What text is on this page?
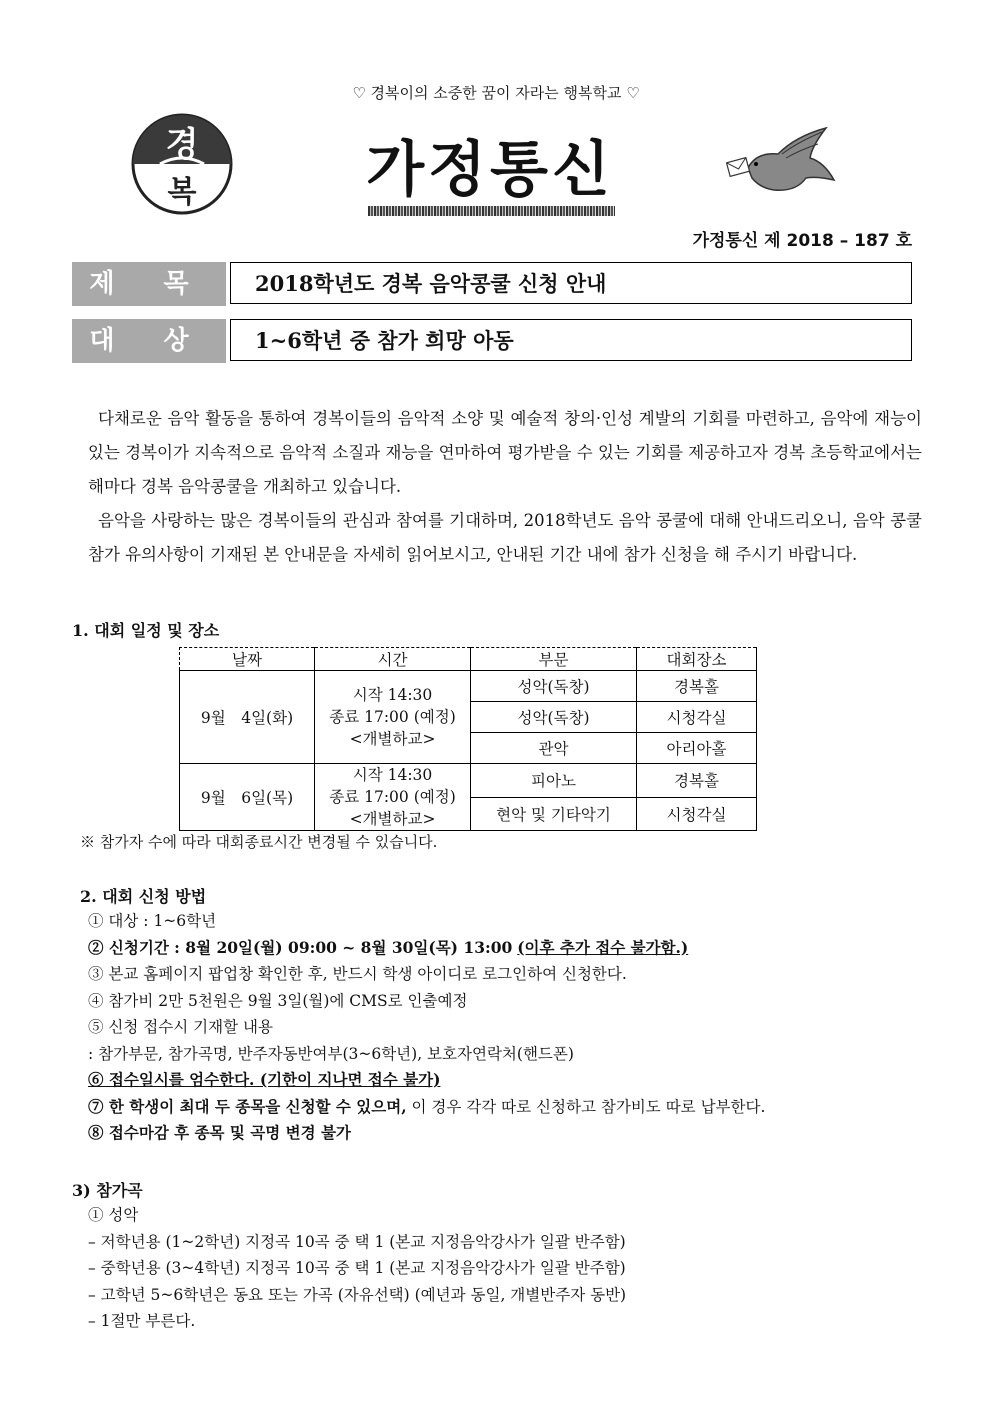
♡ 경복이의 소중한 꿈이 자라는 행복학교 ♡
경
복	가정통신
가정통신 제 2018 – 187 호
제 목	2018학년도 경복 음악콩쿨 신청 안내
대 상	1~6학년 중 참가 희망 아동

다채로운 음악 활동을 통하여 경복이들의 음악적 소양 및 예술적 창의·인성 계발의 기회를 마련하고, 음악에 재능이 있는 경복이가 지속적으로 음악적 소질과 재능을 연마하여 평가받을 수 있는 기회를 제공하고자 경복 초등학교에서는 해마다 경복 음악콩쿨을 개최하고 있습니다.

음악을 사랑하는 많은 경복이들의 관심과 참여를 기대하며, 2018학년도 음악 콩쿨에 대해 안내드리오니, 음악 콩쿨 참가 유의사항이 기재된 본 안내문을 자세히 읽어보시고, 안내된 기간 내에 참가 신청을 해 주시기 바랍니다.

1. 대회 일정 및 장소
날짜	시간	부문	대회장소
9월　4일(화)	시작 14:30
종료 17:00 (예정)
<개별하교>	성악(독창)	경복홀
		성악(독창)	시청각실
		관악	아리아홀
9월　6일(목)	시작 14:30
종료 17:00 (예정)
<개별하교>	피아노	경복홀
		현악 및 기타악기	시청각실
※ 참가자 수에 따라 대회종료시간 변경될 수 있습니다.
2. 대회 신청 방법
① 대상 : 1~6학년
② 신청기간 : 8월 20일(월) 09:00 ~ 8월 30일(목) 13:00 (이후 추가 접수 불가함.)
③ 본교 홈페이지 팝업창 확인한 후, 반드시 학생 아이디로 로그인하여 신청한다.
④ 참가비 2만 5천원은 9월 3일(월)에 CMS로 인출예정
⑤ 신청 접수시 기재할 내용
: 참가부문, 참가곡명, 반주자동반여부(3~6학년), 보호자연락처(핸드폰)
⑥ 접수일시를 엄수한다. (기한이 지나면 접수 불가)
⑦ 한 학생이 최대 두 종목을 신청할 수 있으며, 이 경우 각각 따로 신청하고 참가비도 따로 납부한다.
⑧ 접수마감 후 종목 및 곡명 변경 불가
3) 참가곡
① 성악
– 저학년용 (1~2학년) 지정곡 10곡 중 택 1 (본교 지정음악강사가 일괄 반주함)
– 중학년용 (3~4학년) 지정곡 10곡 중 택 1 (본교 지정음악강사가 일괄 반주함)
– 고학년 5~6학년은 동요 또는 가곡 (자유선택) (예년과 동일, 개별반주자 동반)
– 1절만 부른다.
